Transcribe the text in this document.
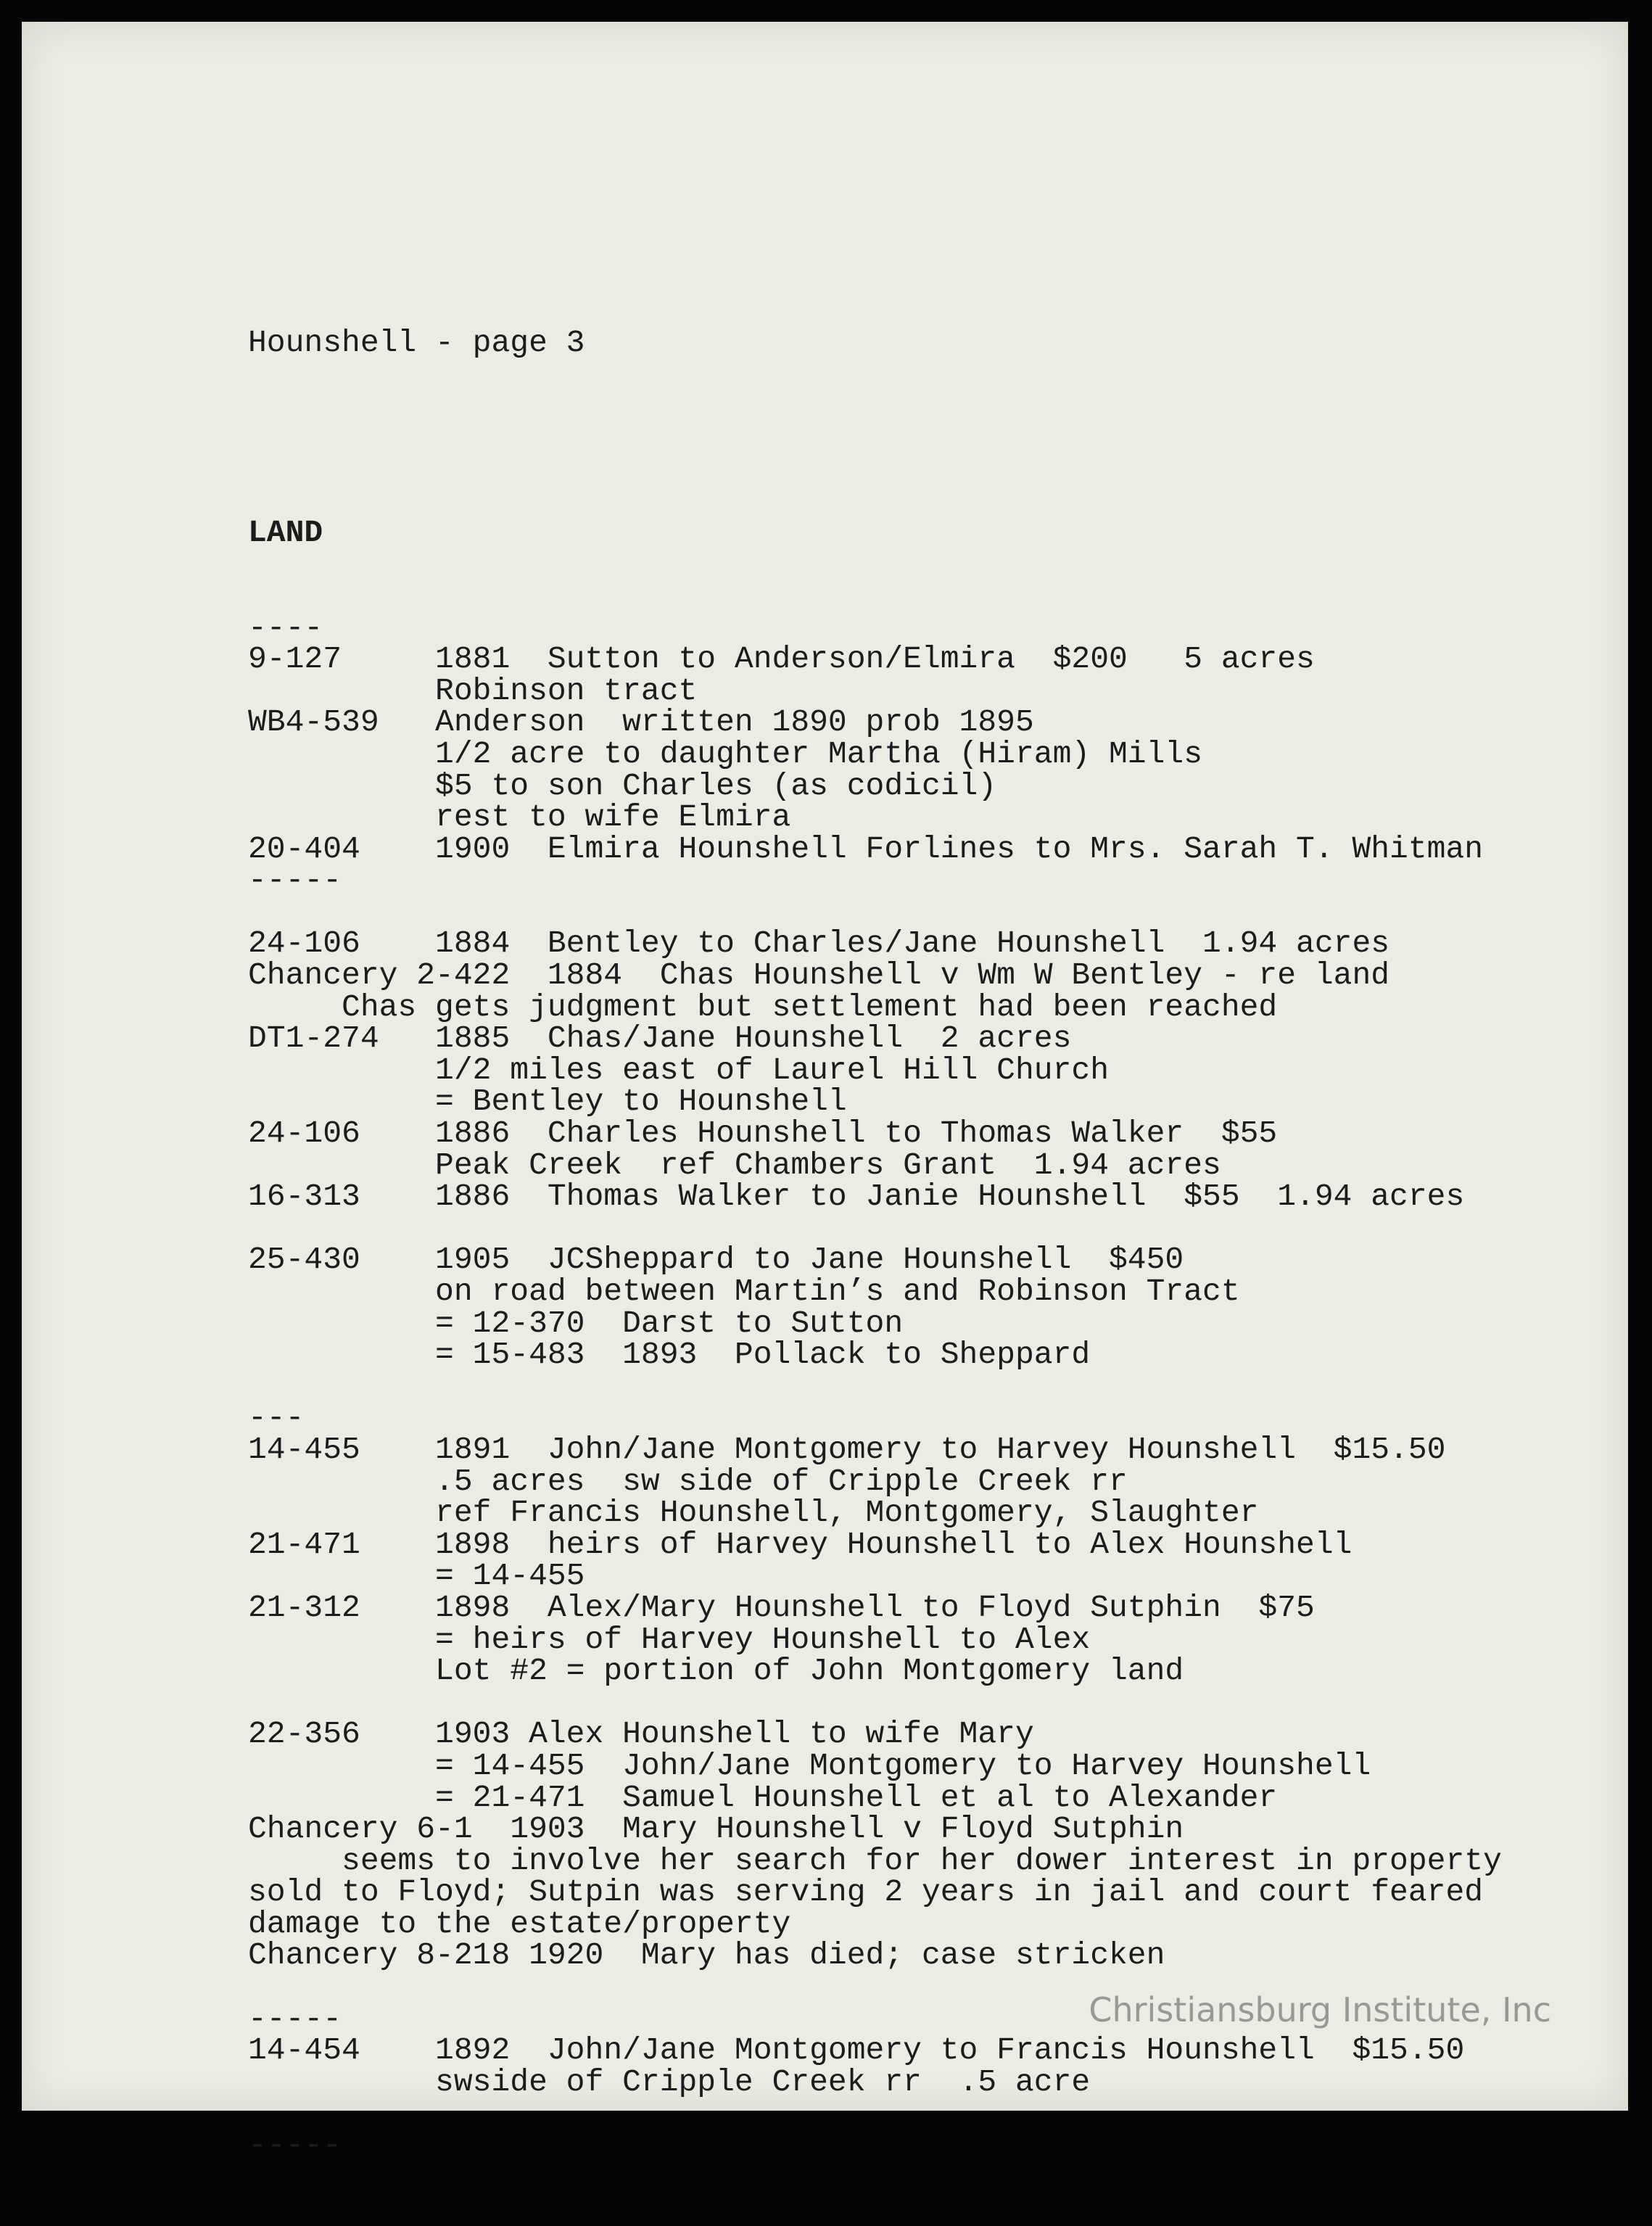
Hounshell - page 3

LAND

----
9-127     1881  Sutton to Anderson/Elmira  $200   5 acres
Robinson tract
WB4-539   Anderson  written 1890 prob 1895
1/2 acre to daughter Martha (Hiram) Mills
$5 to son Charles (as codicil)
rest to wife Elmira
20-404    1900  Elmira Hounshell Forlines to Mrs. Sarah T. Whitman
-----
24-106    1884  Bentley to Charles/Jane Hounshell  1.94 acres
Chancery 2-422  1884  Chas Hounshell v Wm W Bentley - re land
Chas gets judgment but settlement had been reached
DT1-274   1885  Chas/Jane Hounshell  2 acres
1/2 miles east of Laurel Hill Church
= Bentley to Hounshell
24-106    1886  Charles Hounshell to Thomas Walker  $55
Peak Creek  ref Chambers Grant  1.94 acres
16-313    1886  Thomas Walker to Janie Hounshell  $55  1.94 acres
25-430    1905  JCSheppard to Jane Hounshell  $450
on road between Martin’s and Robinson Tract
= 12-370  Darst to Sutton
= 15-483  1893  Pollack to Sheppard
---
14-455    1891  John/Jane Montgomery to Harvey Hounshell  $15.50
.5 acres  sw side of Cripple Creek rr
ref Francis Hounshell, Montgomery, Slaughter
21-471    1898  heirs of Harvey Hounshell to Alex Hounshell
= 14-455
21-312    1898  Alex/Mary Hounshell to Floyd Sutphin  $75
= heirs of Harvey Hounshell to Alex
Lot #2 = portion of John Montgomery land
22-356    1903 Alex Hounshell to wife Mary
= 14-455  John/Jane Montgomery to Harvey Hounshell
= 21-471  Samuel Hounshell et al to Alexander
Chancery 6-1  1903  Mary Hounshell v Floyd Sutphin
seems to involve her search for her dower interest in property
sold to Floyd; Sutpin was serving 2 years in jail and court feared
damage to the estate/property
Chancery 8-218 1920  Mary has died; case stricken
-----
14-454    1892  John/Jane Montgomery to Francis Hounshell  $15.50
swside of Cripple Creek rr  .5 acre
-----

Christiansburg Institute, Inc
